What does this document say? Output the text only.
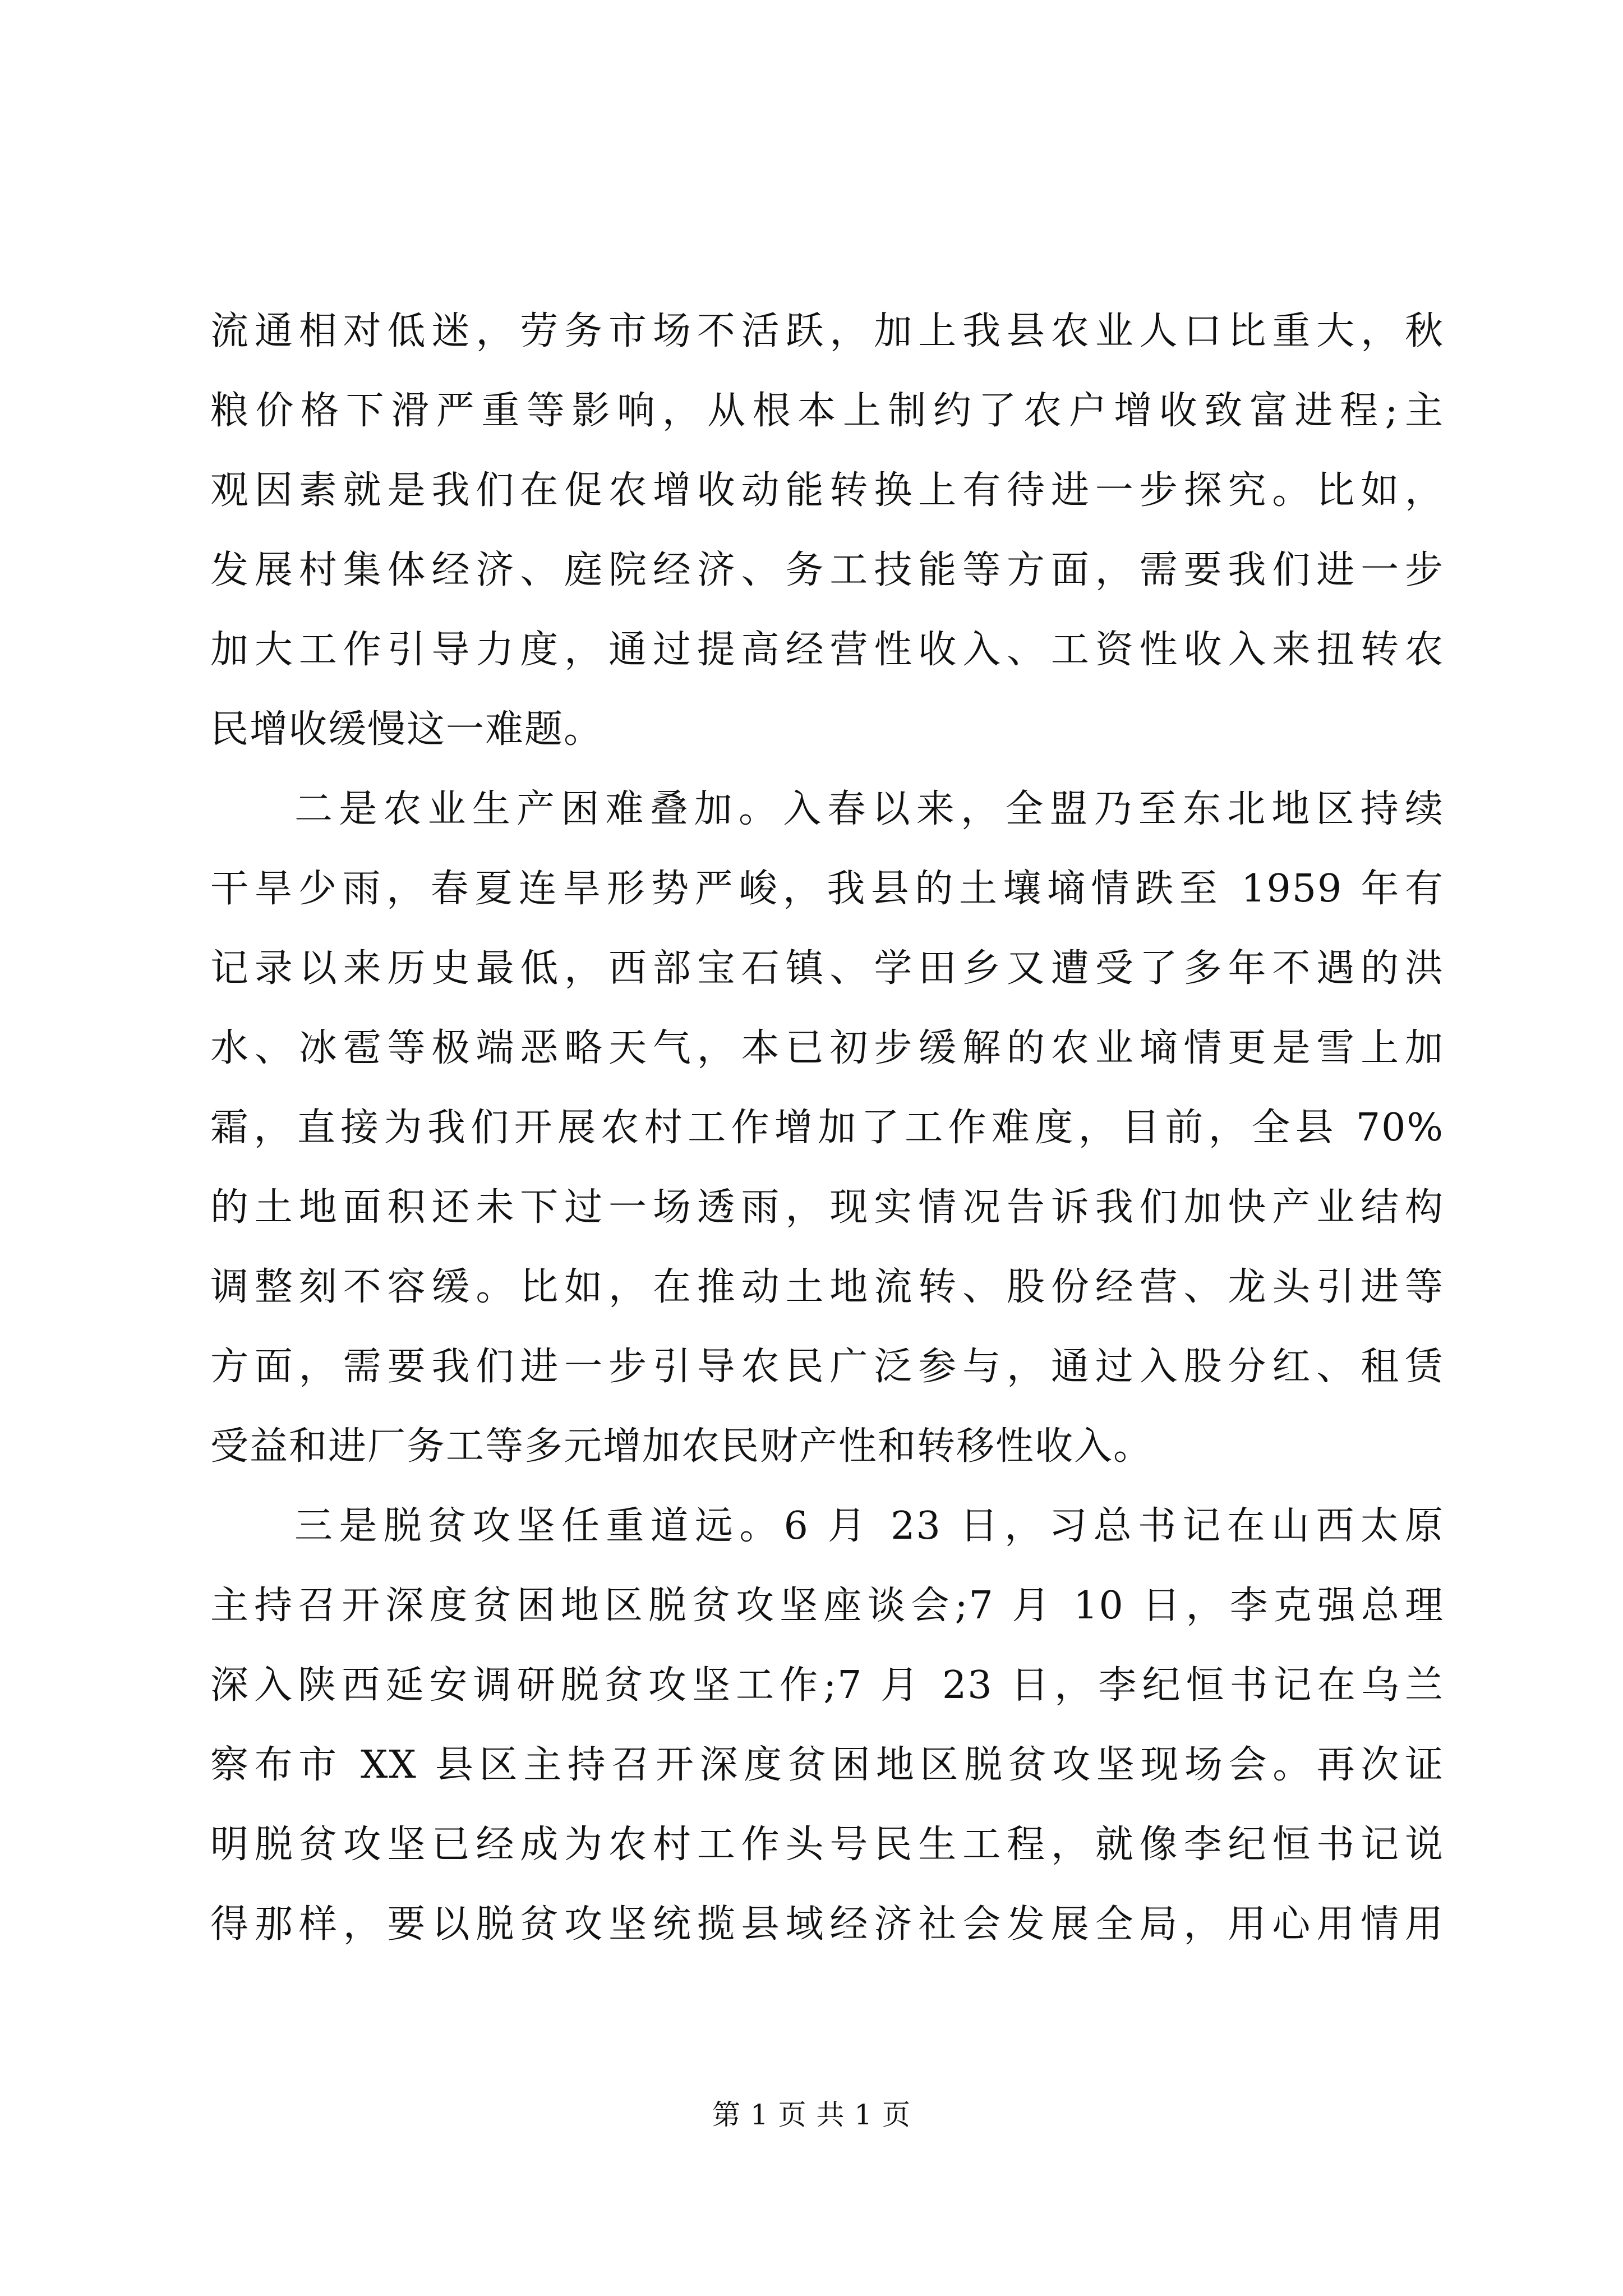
流通相对低迷，劳务市场不活跃，加上我县农业人口比重大，秋
粮价格下滑严重等影响，从根本上制约了农户增收致富进程;主
观因素就是我们在促农增收动能转换上有待进一步探究。比如，
发展村集体经济、庭院经济、务工技能等方面，需要我们进一步
加大工作引导力度，通过提高经营性收入、工资性收入来扭转农
民增收缓慢这一难题。
二是农业生产困难叠加。入春以来，全盟乃至东北地区持续
干旱少雨，春夏连旱形势严峻，我县的土壤墒情跌至 1959 年有
记录以来历史最低，西部宝石镇、学田乡又遭受了多年不遇的洪
水、冰雹等极端恶略天气，本已初步缓解的农业墒情更是雪上加
霜，直接为我们开展农村工作增加了工作难度，目前，全县 70%
的土地面积还未下过一场透雨，现实情况告诉我们加快产业结构
调整刻不容缓。比如，在推动土地流转、股份经营、龙头引进等
方面，需要我们进一步引导农民广泛参与，通过入股分红、租赁
受益和进厂务工等多元增加农民财产性和转移性收入。
三是脱贫攻坚任重道远。6 月 23 日，习总书记在山西太原
主持召开深度贫困地区脱贫攻坚座谈会;7 月 10 日，李克强总理
深入陕西延安调研脱贫攻坚工作;7 月 23 日，李纪恒书记在乌兰
察布市 XX 县区主持召开深度贫困地区脱贫攻坚现场会。再次证
明脱贫攻坚已经成为农村工作头号民生工程，就像李纪恒书记说
得那样，要以脱贫攻坚统揽县域经济社会发展全局，用心用情用
第 1 页 共 1 页
